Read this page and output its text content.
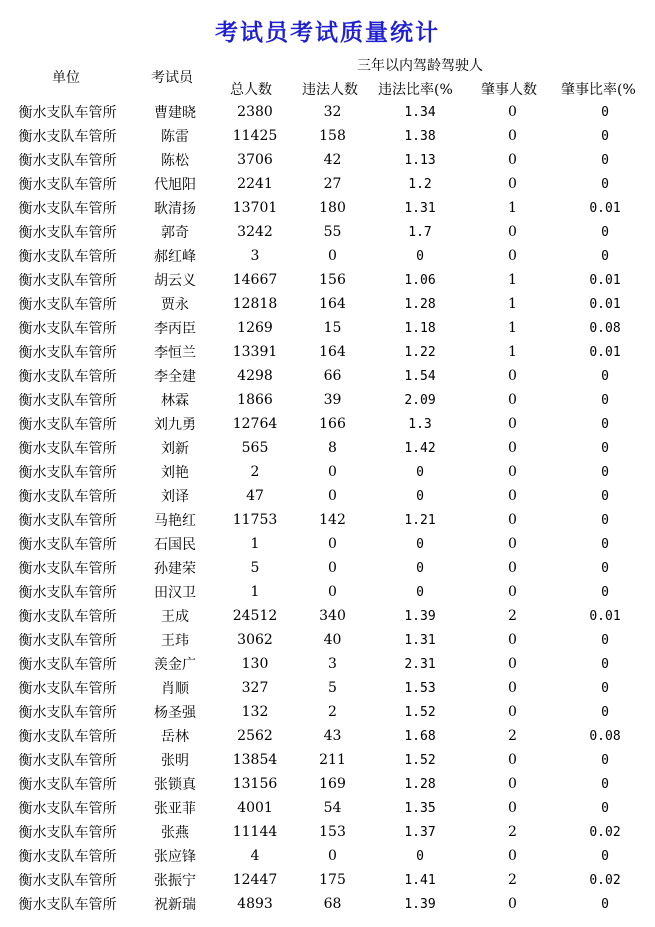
考试员考试质量统计
单位	考试员
三年以内驾龄驾驶人
总人数 违法人数 违法比率(% 肇事人数 肇事比率(%
衡水支队车管所	曹建晓	2380	32	1.34	0	0
衡水支队车管所	陈雷	11425	158	1.38	0	0
衡水支队车管所	陈松	3706	42	1.13	0	0
衡水支队车管所	代旭阳	2241	27	1.2	0	0
衡水支队车管所	耿清扬	13701	180	1.31	1	0.01
衡水支队车管所	郭奇	3242	55	1.7	0	0
衡水支队车管所	郝红峰	3	0	0	0	0
衡水支队车管所	胡云义	14667	156	1.06	1	0.01
衡水支队车管所	贾永	12818	164	1.28	1	0.01
衡水支队车管所	李丙臣	1269	15	1.18	1	0.08
衡水支队车管所	李恒兰	13391	164	1.22	1	0.01
衡水支队车管所	李全建	4298	66	1.54	0	0
衡水支队车管所	林霖	1866	39	2.09	0	0
衡水支队车管所	刘九勇	12764	166	1.3	0	0
衡水支队车管所	刘新	565	8	1.42	0	0
衡水支队车管所	刘艳	2	0	0	0	0
衡水支队车管所	刘译	47	0	0	0	0
衡水支队车管所	马艳红	11753	142	1.21	0	0
衡水支队车管所	石国民	1	0	0	0	0
衡水支队车管所	孙建荣	5	0	0	0	0
衡水支队车管所	田汉卫	1	0	0	0	0
衡水支队车管所	王成	24512	340	1.39	2	0.01
衡水支队车管所	王玮	3062	40	1.31	0	0
衡水支队车管所	羡金广	130	3	2.31	0	0
衡水支队车管所	肖顺	327	5	1.53	0	0
衡水支队车管所	杨圣强	132	2	1.52	0	0
衡水支队车管所	岳林	2562	43	1.68	2	0.08
衡水支队车管所	张明	13854	211	1.52	0	0
衡水支队车管所	张锁真	13156	169	1.28	0	0
衡水支队车管所	张亚菲	4001	54	1.35	0	0
衡水支队车管所	张燕	11144	153	1.37	2	0.02
衡水支队车管所	张应锋	4	0	0	0	0
衡水支队车管所	张振宁	12447	175	1.41	2	0.02
衡水支队车管所	祝新瑞	4893	68	1.39	0	0
